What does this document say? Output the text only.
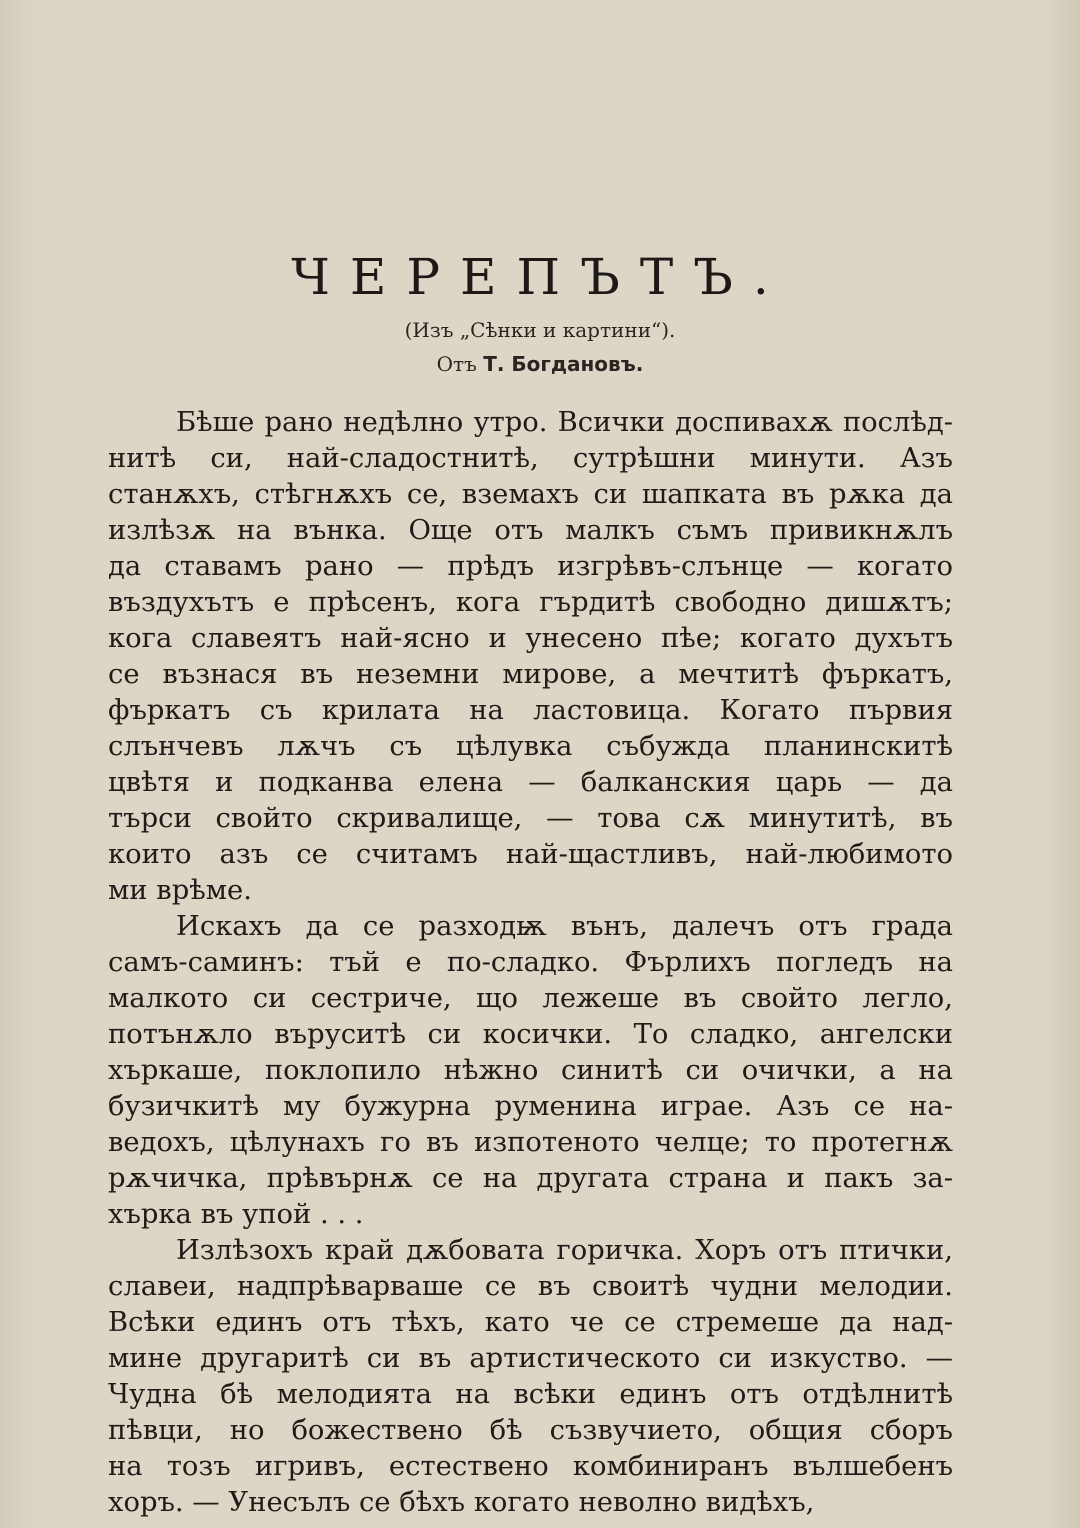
ЧЕРЕПЪТЪ.
(Изъ „Сѣнки и картини“).
Отъ Т. Богдановъ.
Бѣше рано недѣлно утро. Всички доспивахѫ послѣд-
нитѣ си, най-сладостнитѣ, сутрѣшни минути. Азъ
станѫхъ, стѣгнѫхъ се, вземахъ си шапката въ рѫка да
излѣзѫ на вънка. Още отъ малкъ съмъ привикнѫлъ
да ставамъ рано — прѣдъ изгрѣвъ-слънце — когато
въздухътъ е прѣсенъ, кога гърдитѣ свободно дишѫтъ;
кога славеятъ най-ясно и унесено пѣе; когато духътъ
се възнася въ неземни мирове, а мечтитѣ фъркатъ,
фъркатъ съ крилата на ластовица. Когато първия
слънчевъ лѫчъ съ цѣлувка събужда планинскитѣ
цвѣтя и подканва елена — балканския царь — да
търси свойто скривалище, — това сѫ минутитѣ, въ
които азъ се считамъ най-щастливъ, най-любимото
ми врѣме.
Искахъ да се разходѭ вънъ, далечъ отъ града
самъ-саминъ: тъй е по-сладко. Фърлихъ погледъ на
малкото си сестриче, що лежеше въ свойто легло,
потънѫло въруситѣ си косички. То сладко, ангелски
хъркаше, поклопило нѣжно синитѣ си очички, а на
бузичкитѣ му бужурна руменина играе. Азъ се на-
ведохъ, цѣлунахъ го въ изпотеното челце; то протегнѫ
рѫчичка, прѣвърнѫ се на другата страна и пакъ за-
хърка въ упой . . .
Излѣзохъ край дѫбовата горичка. Хоръ отъ птички,
славеи, надпрѣварваше се въ своитѣ чудни мелодии.
Всѣки единъ отъ тѣхъ, като че се стремеше да над-
мине другаритѣ си въ артистическото си изкуство. —
Чудна бѣ мелодията на всѣки единъ отъ отдѣлнитѣ
пѣвци, но божествено бѣ съзвучието, общия сборъ
на тозъ игривъ, естествено комбиниранъ вълшебенъ
хоръ. — Унесълъ се бѣхъ когато неволно видѣхъ,
